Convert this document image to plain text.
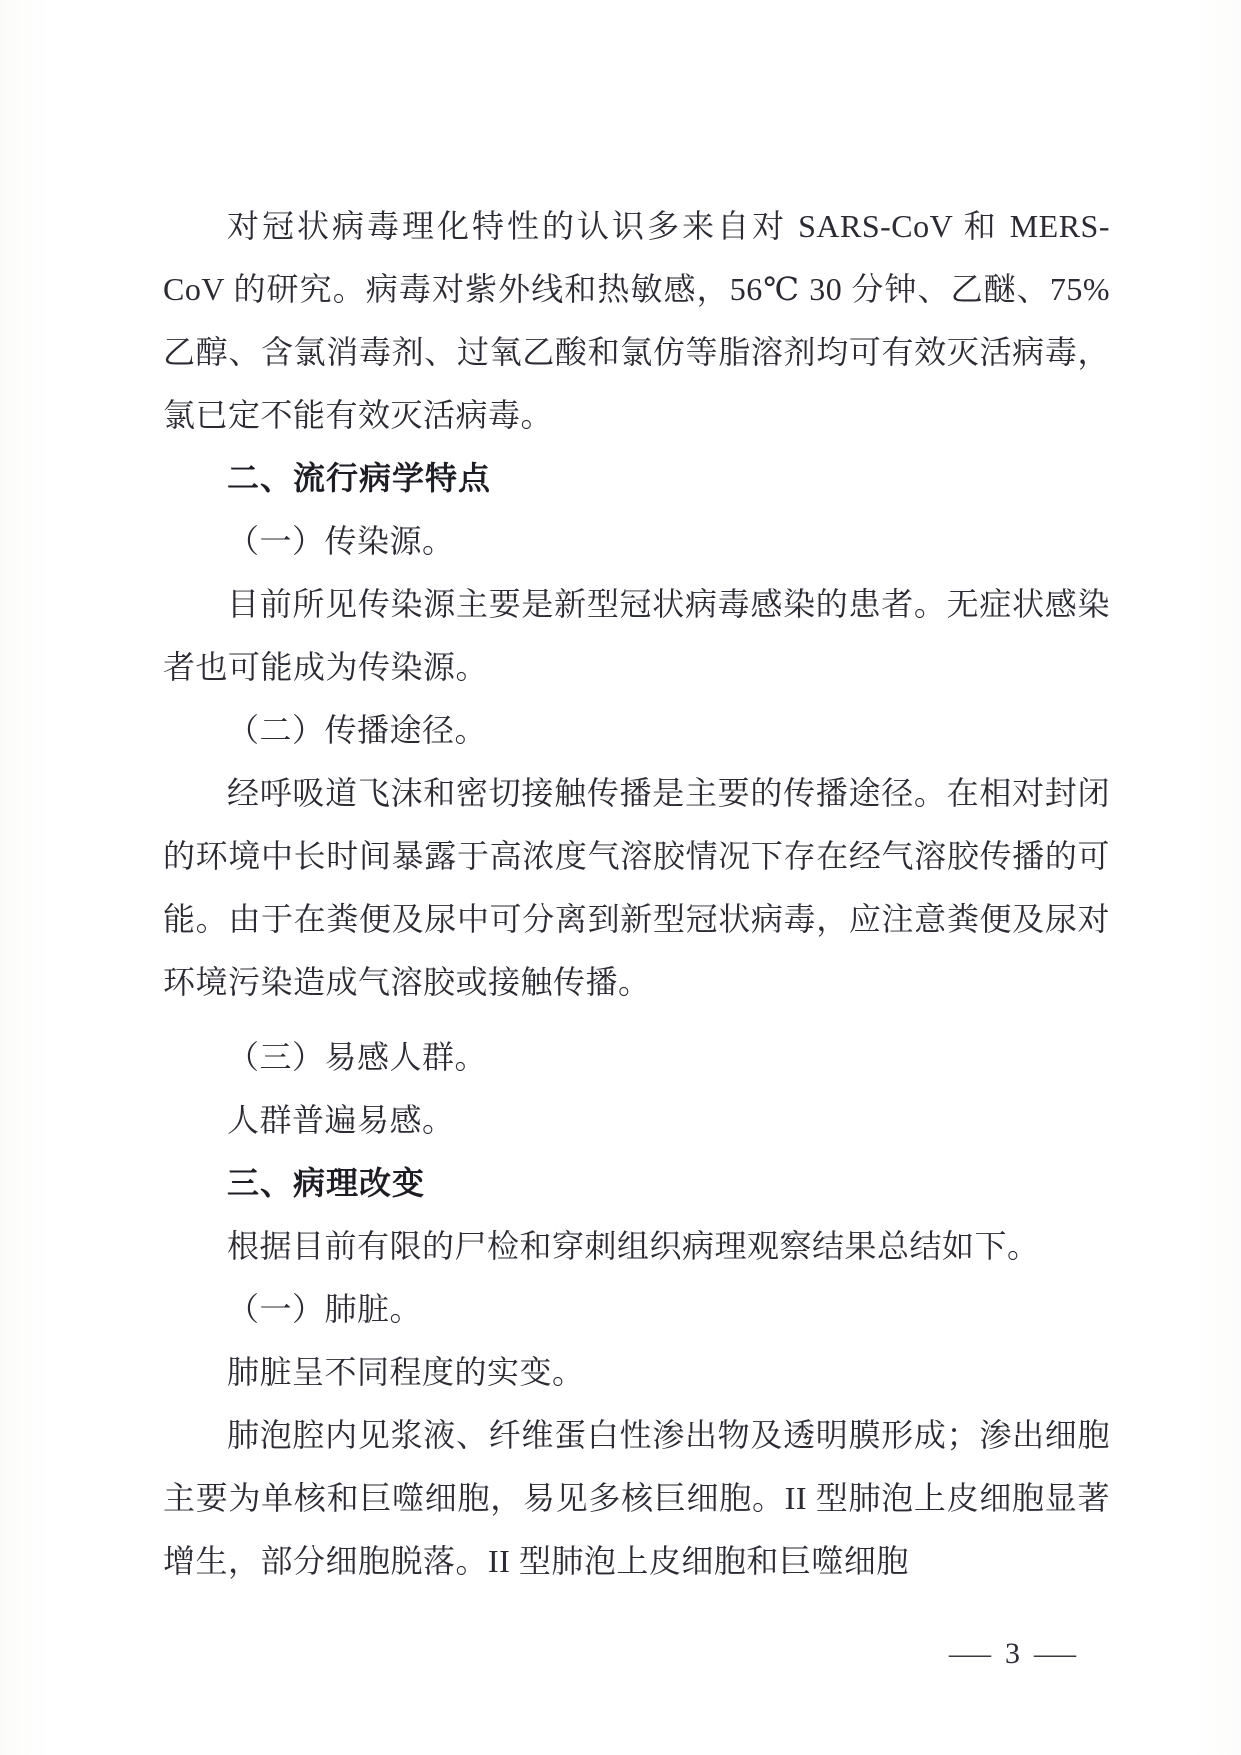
对冠状病毒理化特性的认识多来自对 SARS-CoV 和 MERS-CoV 的研究。病毒对紫外线和热敏感，56℃ 30 分钟、乙醚、75%乙醇、含氯消毒剂、过氧乙酸和氯仿等脂溶剂均可有效灭活病毒，氯已定不能有效灭活病毒。

二、流行病学特点

（一）传染源。

目前所见传染源主要是新型冠状病毒感染的患者。无症状感染者也可能成为传染源。

（二）传播途径。

经呼吸道飞沫和密切接触传播是主要的传播途径。在相对封闭的环境中长时间暴露于高浓度气溶胶情况下存在经气溶胶传播的可能。由于在粪便及尿中可分离到新型冠状病毒，应注意粪便及尿对环境污染造成气溶胶或接触传播。

（三）易感人群。

人群普遍易感。

三、病理改变

根据目前有限的尸检和穿刺组织病理观察结果总结如下。

（一）肺脏。

肺脏呈不同程度的实变。

肺泡腔内见浆液、纤维蛋白性渗出物及透明膜形成；渗出细胞主要为单核和巨噬细胞，易见多核巨细胞。II 型肺泡上皮细胞显著增生，部分细胞脱落。II 型肺泡上皮细胞和巨噬细胞

— 3 —
